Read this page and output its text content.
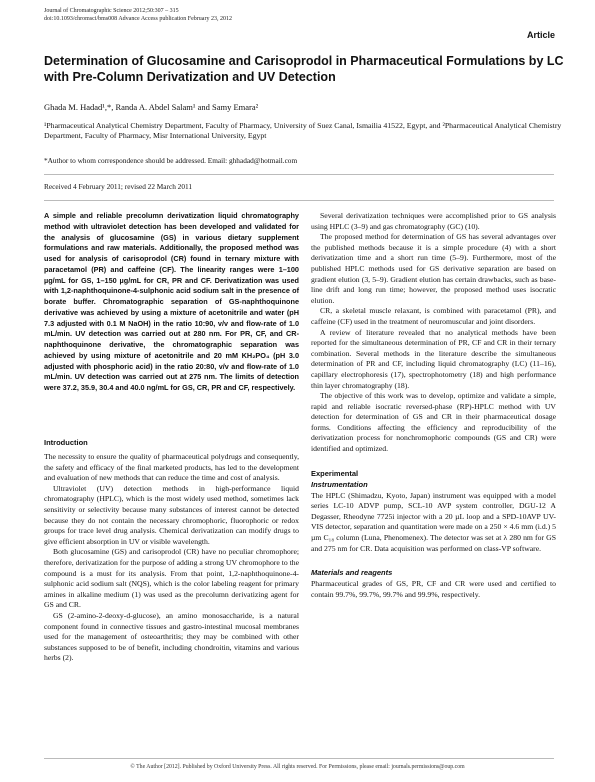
Journal of Chromatographic Science 2012;50:307 – 315
doi:10.1093/chromsci/bms008 Advance Access publication February 23, 2012
Article
Determination of Glucosamine and Carisoprodol in Pharmaceutical Formulations by LC with Pre-Column Derivatization and UV Detection
Ghada M. Hadad¹,*, Randa A. Abdel Salam¹ and Samy Emara²
¹Pharmaceutical Analytical Chemistry Department, Faculty of Pharmacy, University of Suez Canal, Ismailia 41522, Egypt, and ²Pharmaceutical Analytical Chemistry Department, Faculty of Pharmacy, Misr International University, Egypt
*Author to whom correspondence should be addressed. Email: ghhadad@hotmail.com
Received 4 February 2011; revised 22 March 2011
A simple and reliable precolumn derivatization liquid chromatography method with ultraviolet detection has been developed and validated for the analysis of glucosamine (GS) in various dietary supplement formulations and raw materials. Additionally, the proposed method was used for analysis of carisoprodol (CR) found in ternary mixture with paracetamol (PR) and caffeine (CF). The linearity ranges were 1–100 µg/mL for GS, 1–150 µg/mL for CR, PR and CF. Derivatization was used with 1,2-naphthoquinone-4-sulphonic acid sodium salt in the presence of borate buffer. Chromatographic separation of GS-naphthoquinone derivative was achieved by using a mixture of acetonitrile and water (pH 7.3 adjusted with 0.1 M NaOH) in the ratio 10:90, v/v and flow-rate of 1.0 mL/min. UV detection was carried out at 280 nm. For PR, CF, and CR-naphthoquinone derivative, the chromatographic separation was achieved by using mixture of acetonitrile and 20 mM KH₂PO₄ (pH 3.0 adjusted with phosphoric acid) in the ratio 20:80, v/v and flow-rate of 1.0 mL/min. UV detection was carried out at 275 nm. The limits of detection were 37.2, 35.9, 30.4 and 40.0 ng/mL for GS, CR, PR and CF, respectively.
Introduction

The necessity to ensure the quality of pharmaceutical polydrugs and consequently, the safety and efficacy of the final marketed products, has led to the development and evaluation of new methods that can reduce the time and cost of analysis.

Ultraviolet (UV) detection methods in high-performance liquid chromatography (HPLC), which is the most widely used method, sometimes lack sensitivity or selectivity because many substances of interest cannot be detected because they do not contain the necessary chromophoric, fluorophoric or redox groups for trace level drug analysis. Chemical derivatization can modify drugs to give efficient absorption in UV or visible wavelength.

Both glucosamine (GS) and carisoprodol (CR) have no peculiar chromophore; therefore, derivatization for the purpose of adding a strong UV chromophore to the compound is a must for its analysis. From that point, 1,2-naphthoquinone-4-sulphonic acid sodium salt (NQS), which is the color labeling reagent for primary amines in alkaline medium (1) was used as the precolumn derivatizing agent for GS and CR.

GS (2-amino-2-deoxy-d-glucose), an amino monosaccharide, is a natural component found in connective tissues and gastro-intestinal mucosal membranes used for the management of osteoarthritis; they may be combined with other substances supposed to be of benefit, including chondroitin, vitamins and various herbs (2).

Several derivatization techniques were accomplished prior to GS analysis using HPLC (3–9) and gas chromatography (GC) (10).

The proposed method for determination of GS has several advantages over the published methods because it is a simple procedure (4) with a short derivatization time and a short run time (5–9). Furthermore, most of the published HPLC methods used for GS derivative separation are based on gradient elution (3, 5–9). Gradient elution has certain drawbacks, such as base-line drift and long run time; however, the proposed method uses isocratic elution.

CR, a skeletal muscle relaxant, is combined with paracetamol (PR), and caffeine (CF) used in the treatment of neuromuscular and joint disorders.

A review of literature revealed that no analytical methods have been reported for the simultaneous determination of PR, CF and CR in their ternary combination. Several methods in the literature describe the simultaneous determination of PR and CF, including liquid chromatography (LC) (11–16), capillary electrophoresis (17), spectrophotometry (18) and high performance thin layer chromatography (18).

The objective of this work was to develop, optimize and validate a simple, rapid and reliable isocratic reversed-phase (RP)-HPLC method with UV detection for determination of GS and CR in their pharmaceutical dosage forms. Conditions affecting the efficiency and reproducibility of the derivatization process for nonchromophoric compounds (GS and CR) were identified and optimized.

Experimental
Instrumentation

The HPLC (Shimadzu, Kyoto, Japan) instrument was equipped with a model series LC-10 ADVP pump, SCL-10 AVP system controller, DGU-12 A Degasser, Rheodyne 7725i injector with a 20 µL loop and a SPD-10AVP UV-VIS detector, separation and quantitation were made on a 250 × 4.6 mm (i.d.) 5 µm C₁₈ column (Luna, Phenomenex). The detector was set at λ 280 nm for GS and 275 nm for CR. Data acquisition was performed on class-VP software.

Materials and reagents

Pharmaceutical grades of GS, PR, CF and CR were used and certified to contain 99.7%, 99.7%, 99.7% and 99.9%, respectively.

© The Author [2012]. Published by Oxford University Press. All rights reserved. For Permissions, please email: journals.permissions@oup.com
